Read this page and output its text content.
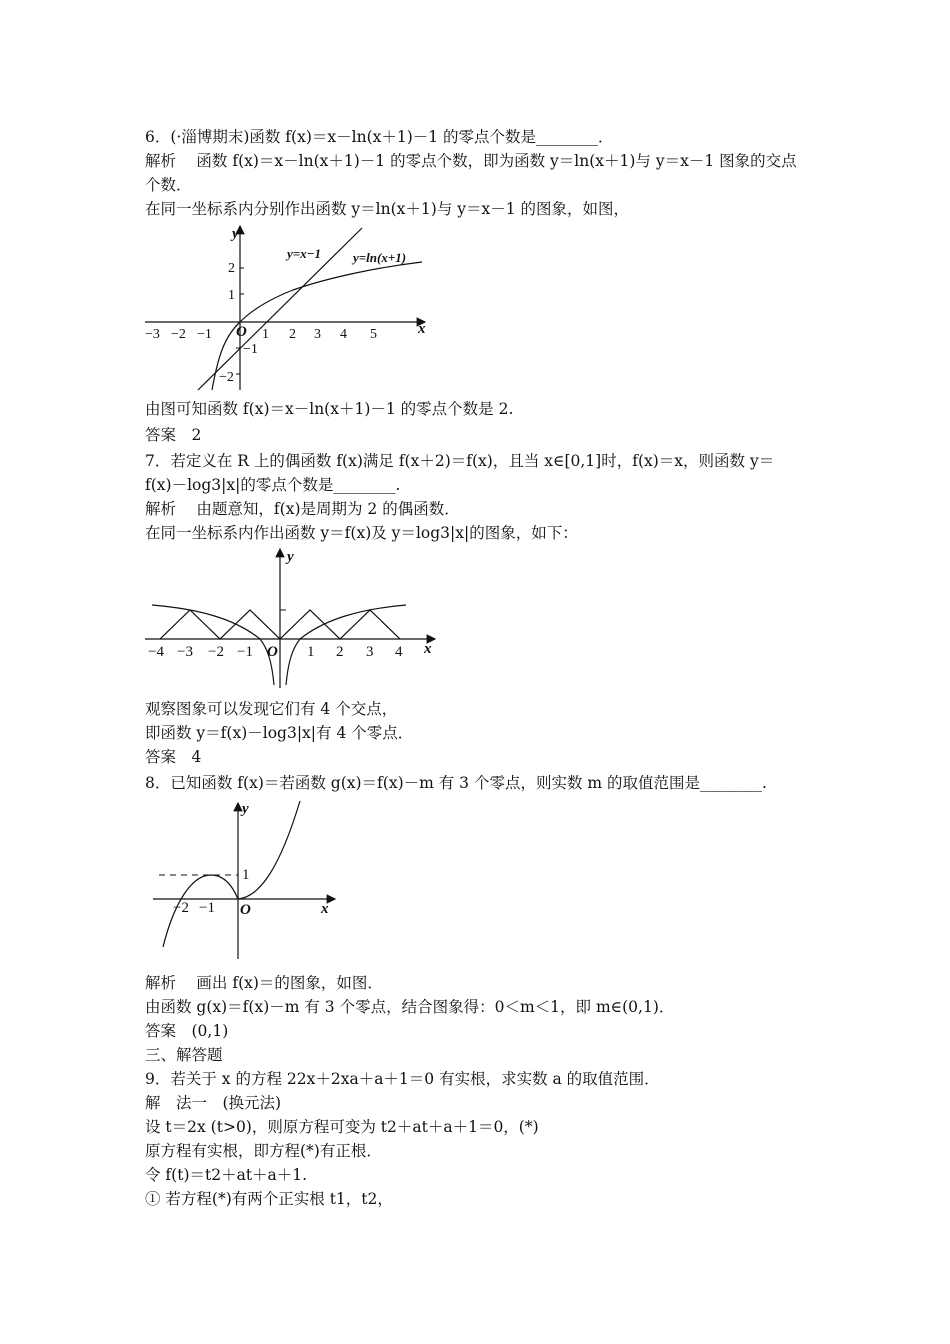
6．(·淄博期末)函数 f(x)＝x－ln(x＋1)－1 的零点个数是________．
解析　 函数 f(x)＝x－ln(x＋1)－1 的零点个数，即为函数 y＝ln(x＋1)与 y＝x－1 图象的交点
个数．
在同一坐标系内分别作出函数 y＝ln(x＋1)与 y＝x－1 的图象，如图，
y
x
O
y=x−1 y=ln(x+1)
−3 −2 −1	1 2 3 4 5
2
1
−1
−2
由图可知函数 f(x)＝x－ln(x＋1)－1 的零点个数是 2.
答案　2
7．若定义在 R 上的偶函数 f(x)满足 f(x＋2)＝f(x)，且当 x∈[0,1]时，f(x)＝x，则函数 y＝
f(x)－log3|x|的零点个数是________.
解析　 由题意知，f(x)是周期为 2 的偶函数．
在同一坐标系内作出函数 y＝f(x)及 y＝log3|x|的图象，如下：
y
x
O
−4 −3 −2 −1	1 2 3 4
观察图象可以发现它们有 4 个交点，
即函数 y＝f(x)－log3|x|有 4 个零点．
答案　4
8．已知函数 f(x)＝若函数 g(x)＝f(x)－m 有 3 个零点，则实数 m 的取值范围是________.
y
x
O
1
−2 −1
解析　 画出 f(x)＝的图象，如图．
由函数 g(x)＝f(x)－m 有 3 个零点，结合图象得：0＜m＜1，即 m∈(0,1)．
答案　(0,1)
三、解答题
9．若关于 x 的方程 22x＋2xa＋a＋1＝0 有实根，求实数 a 的取值范围．
解　法一　(换元法)
设 t＝2x (t>0)，则原方程可变为 t2＋at＋a＋1＝0，(*)
原方程有实根，即方程(*)有正根．
令 f(t)＝t2＋at＋a＋1.
① 若方程(*)有两个正实根 t1，t2，
